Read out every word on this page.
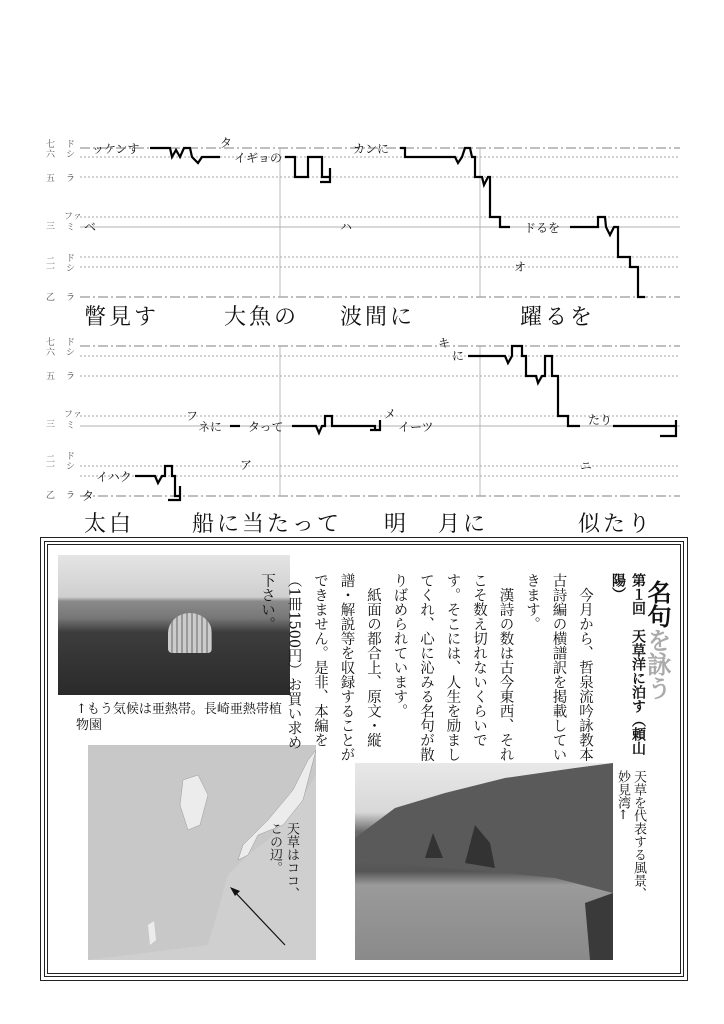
七
六
五
三
二
一
乙
ド
シ
ラ
ファ
ミ
ド
シ
ラ
ッケンす	タ
イギョの
カンに
ベ	ハ	ドるを
オ
瞥見す	大魚の 波間に	躍るを
七
六
五
三
二
一
乙
ド
シ
ラ
ファ
ミ
ド
シ
ラ
イハク
タ
フ
ネに タって
ア
メ
イーツ
キ
に
たり
ニ
太白	船に当たって 明 月に	似たり
↑もう気候は亜熱帯。長崎亜熱帯植物園
天草はココ、この辺。	天草を代表する風景、妙見湾←

名句を詠う

第１回　天草洋に泊す（頼山陽）
　今月から、哲泉流吟詠教本古詩編の横譜訳を掲載していきます。
　漢詩の数は古今東西、それこそ数え切れないくらいです。そこには、人生を励ましてくれ、心に沁みる名句が散りばめられています。
　紙面の都合上、原文・縦譜・解説等を収録することができません。是非、本編を（1冊1500円）お買い求め下さい。
